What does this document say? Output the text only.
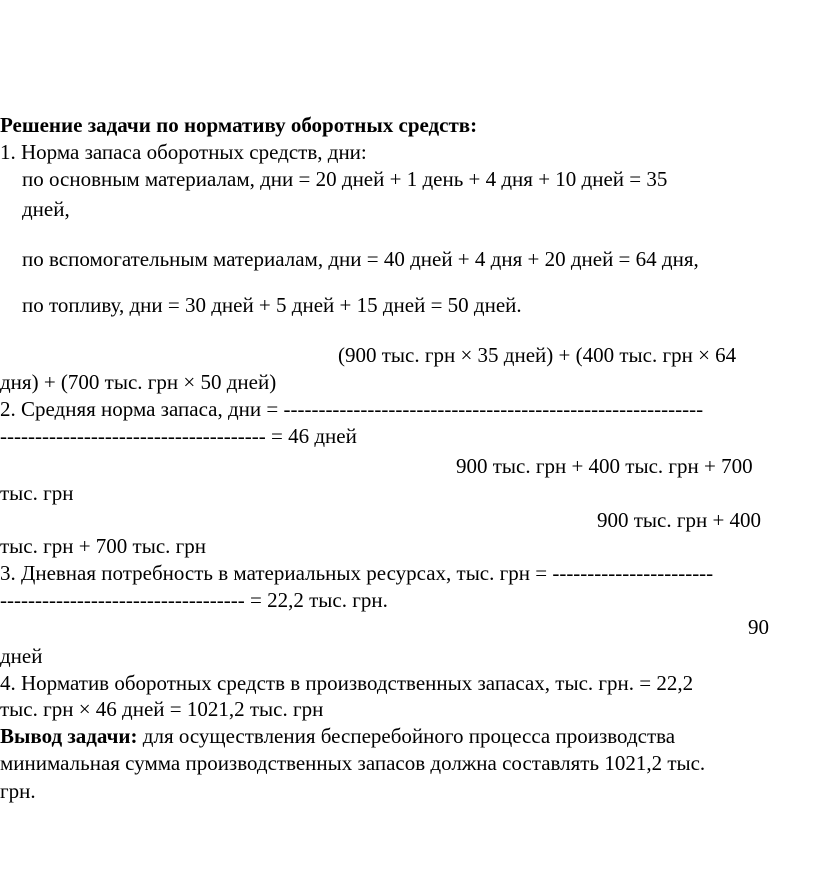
Решение задачи по нормативу оборотных средств:
1. Норма запаса оборотных средств, дни:
по основным материалам, дни = 20 дней + 1 день + 4 дня + 10 дней = 35
дней,
по вспомогательным материалам, дни = 40 дней + 4 дня + 20 дней = 64 дня,
по топливу, дни = 30 дней + 5 дней + 15 дней = 50 дней.
(900 тыс. грн × 35 дней) + (400 тыс. грн × 64
дня) + (700 тыс. грн × 50 дней)
2. Средняя норма запаса, дни = ------------------------------------------------------------
-------------------------------------- = 46 дней
900 тыс. грн + 400 тыс. грн + 700
тыс. грн
900 тыс. грн + 400
тыс. грн + 700 тыс. грн
3. Дневная потребность в материальных ресурсах, тыс. грн = -----------------------
----------------------------------- = 22,2 тыс. грн.
90
дней
4. Норматив оборотных средств в производственных запасах, тыс. грн. = 22,2
тыс. грн × 46 дней = 1021,2 тыс. грн
Вывод задачи: для осуществления бесперебойного процесса производства
минимальная сумма производственных запасов должна составлять 1021,2 тыс.
грн.
